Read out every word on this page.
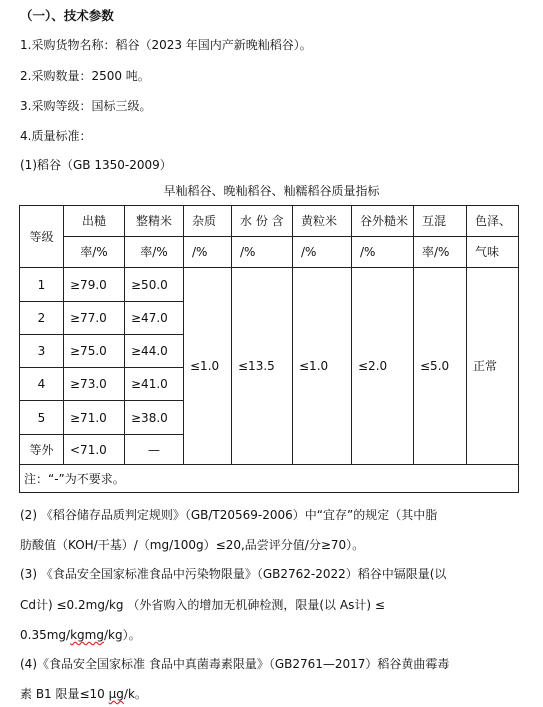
（一）、技术参数
1.采购货物名称：稻谷（2023 年国内产新晚籼稻谷）。
2.采购数量：2500 吨。
3.采购等级：国标三级。
4.质量标准：
(1)稻谷（GB 1350-2009）
早籼稻谷、晚籼稻谷、籼糯稻谷质量指标
等级	出糙	整精米	杂质	水 份 含	黄粒米	谷外糙米	互混	色泽、
	率/%	率/%	/%	/%	/%	/%	率/%	气味
1	≥79.0	≥50.0	≤1.0	≤13.5	≤1.0	≤2.0	≤5.0	正常
2	≥77.0	≥47.0						
3	≥75.0	≥44.0						
4	≥73.0	≥41.0						
5	≥71.0	≥38.0						
等外	<71.0	—						
注：“-”为不要求。								
(2) 《稻谷储存品质判定规则》（GB/T20569-2006）中“宜存”的规定（其中脂
肪酸值（KOH/干基）/（mg/100g）≤20,品尝评分值/分≥70）。
(3) 《食品安全国家标准食品中污染物限量》（GB2762-2022）稻谷中镉限量(以
Cd计) ≤0.2mg/kg （外省购入的增加无机砷检测，限量(以 As计) ≤
0.35mg/kgmg/kg）。
(4)《食品安全国家标准 食品中真菌毒素限量》（GB2761—2017）稻谷黄曲霉毒
素 B1 限量≤10 μg/k。
